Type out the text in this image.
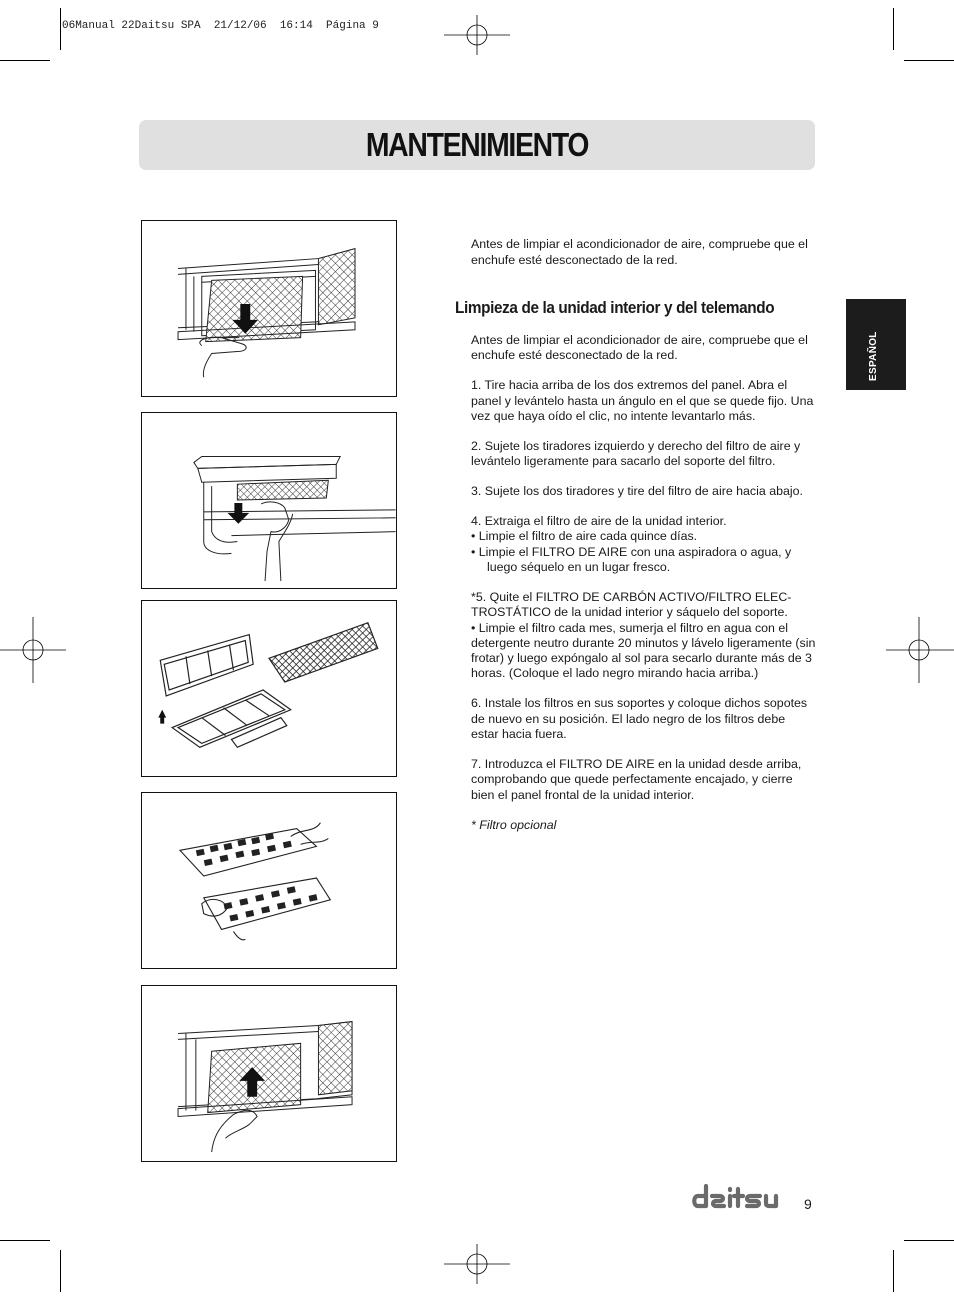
06Manual 22Daitsu SPA  21/12/06  16:14  Página 9
MANTENIMIENTO
ESPAÑOL
Antes de limpiar el acondicionador de aire, compruebe que el enchufe esté desconectado de la red.
Limpieza de la unidad interior y del telemando

Antes de limpiar el acondicionador de aire, compruebe que el enchufe esté desconectado de la red.

1. Tire hacia arriba de los dos extremos del panel. Abra el panel y levántelo hasta un ángulo en el que se quede fijo. Una vez que haya oído el clic, no intente levantarlo más.

2. Sujete los tiradores izquierdo y derecho del filtro de aire y levántelo ligeramente para sacarlo del soporte del filtro.

3. Sujete los dos tiradores y tire del filtro de aire hacia abajo.

4. Extraiga el filtro de aire de la unidad interior.
• Limpie el filtro de aire cada quince días.
• Limpie el FILTRO DE AIRE con una aspiradora o agua, y luego séquelo en un lugar fresco.

*5. Quite el FILTRO DE CARBÓN ACTIVO/FILTRO ELEC-TROSTÁTICO de la unidad interior y sáquelo del soporte.
• Limpie el filtro cada mes, sumerja el filtro en agua con el detergente neutro durante 20 minutos y lávelo ligeramente (sin frotar) y luego expóngalo al sol para secarlo durante más de 3 horas. (Coloque el lado negro mirando hacia arriba.)

6. Instale los filtros en sus soportes y coloque dichos sopotes de nuevo en su posición. El lado negro de los filtros debe estar hacia fuera.

7. Introduzca el FILTRO DE AIRE en la unidad desde arriba, comprobando que quede perfectamente encajado, y cierre bien el panel frontal de la unidad interior.

* Filtro opcional

9
